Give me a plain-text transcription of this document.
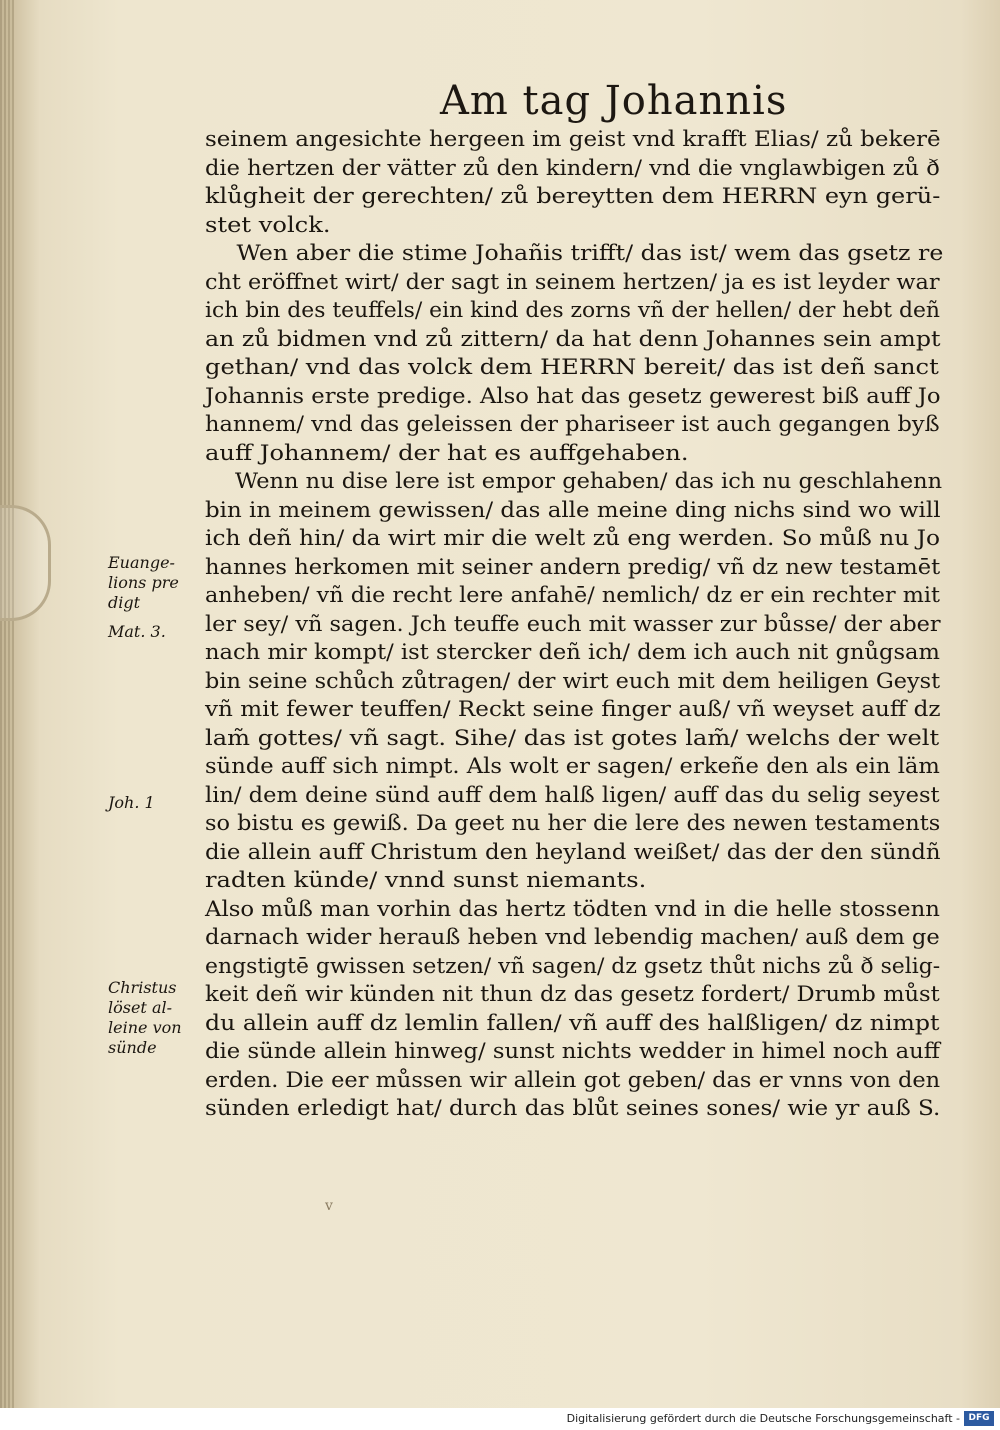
Am tag Johannis
seinem angesichte hergeen im geist vnd krafft Elias/ zů bekerē
die hertzen der vätter zů den kindern/ vnd die vnglawbigen zů ð
klůgheit der gerechten/ zů bereytten dem HERRN eyn gerü-
stet volck.
Wen aber die stime Johañis trifft/ das ist/ wem das gsetz re
cht eröffnet wirt/ der sagt in seinem hertzen/ ja es ist leyder war
ich bin des teuffels/ ein kind des zorns vñ der hellen/ der hebt deñ
an zů bidmen vnd zů zittern/ da hat denn Johannes sein ampt
gethan/ vnd das volck dem HERRN bereit/ das ist deñ sanct
Johannis erste predige. Also hat das gesetz gewerest biß auff Jo
hannem/ vnd das geleissen der phariseer ist auch gegangen byß
auff Johannem/ der hat es auffgehaben.
Wenn nu dise lere ist empor gehaben/ das ich nu geschlahenn
bin in meinem gewissen/ das alle meine ding nichs sind wo will
ich deñ hin/ da wirt mir die welt zů eng werden. So můß nu Jo
hannes herkomen mit seiner andern predig/ vñ dz new testamēt
anheben/ vñ die recht lere anfahē/ nemlich/ dz er ein rechter mit
ler sey/ vñ sagen. Jch teuffe euch mit wasser zur bůsse/ der aber
nach mir kompt/ ist stercker deñ ich/ dem ich auch nit gnůgsam
bin seine schůch zůtragen/ der wirt euch mit dem heiligen Geyst
vñ mit fewer teuffen/ Reckt seine finger auß/ vñ weyset auff dz
lam̃ gottes/ vñ sagt. Sihe/ das ist gotes lam̃/ welchs der welt
sünde auff sich nimpt. Als wolt er sagen/ erkeñe den als ein läm
lin/ dem deine sünd auff dem halß ligen/ auff das du selig seyest
so bistu es gewiß. Da geet nu her die lere des newen testaments
die allein auff Christum den heyland weißet/ das der den sündñ
radten künde/ vnnd sunst niemants.
Also můß man vorhin das hertz tödten vnd in die helle stossenn
darnach wider herauß heben vnd lebendig machen/ auß dem ge
engstigtē gwissen setzen/ vñ sagen/ dz gsetz thůt nichs zů ð selig-
keit deñ wir künden nit thun dz das gesetz fordert/ Drumb můst
du allein auff dz lemlin fallen/ vñ auff des halßligen/ dz nimpt
die sünde allein hinweg/ sunst nichts wedder in himel noch auff
erden. Die eer můssen wir allein got geben/ das er vnns von den
sünden erledigt hat/ durch das blůt seines sones/ wie yr auß S.
Euange-
lions pre
digt
Mat. 3.
Joh. 1
Christus
löset al-
leine von
sünde
v
Digitalisierung gefördert durch die Deutsche Forschungsgemeinschaft - DFG
